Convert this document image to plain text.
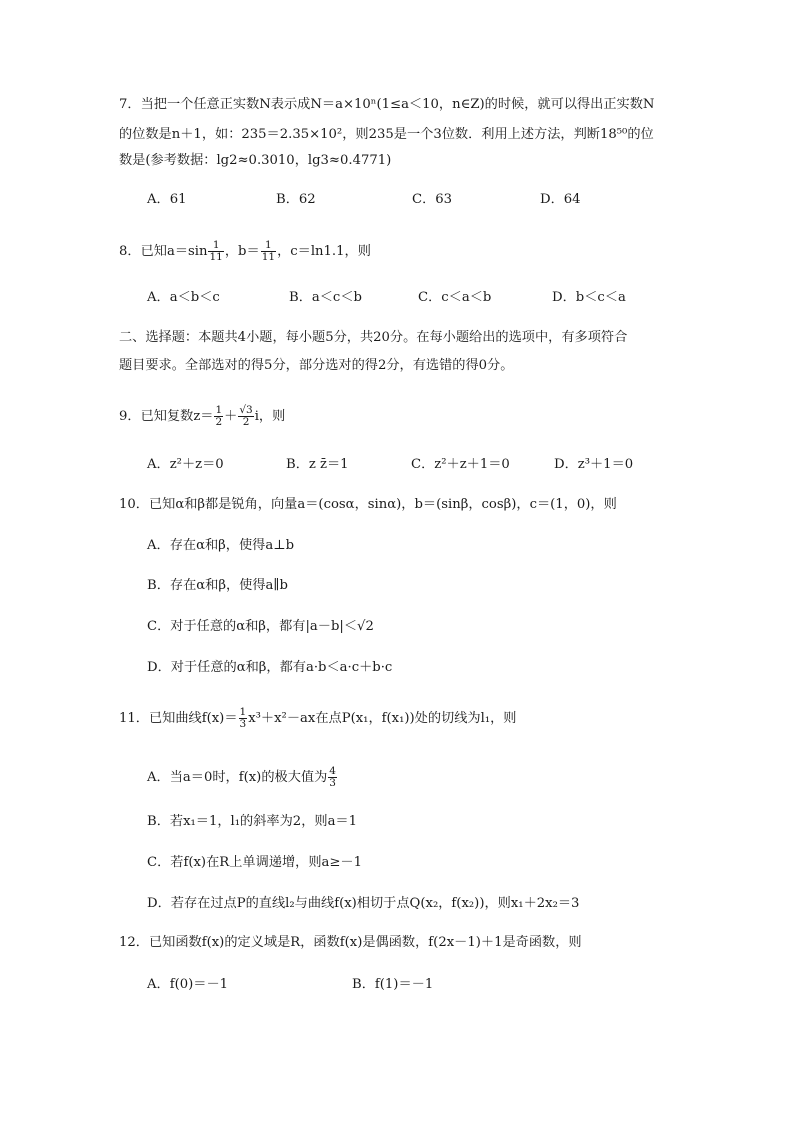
7．当把一个任意正实数N表示成N＝a×10ⁿ(1≤a＜10，n∈Z)的时候，就可以得出正实数N
的位数是n＋1，如：235＝2.35×10²，则235是一个3位数．利用上述方法，判断18⁵⁰的位
数是(参考数据：lg2≈0.3010，lg3≈0.4771)
A．61	B．62	C．63	D．64
8．已知$a=\sin \frac{1}{11}$ ，$b= \frac{1}{11}$ ，c＝ln1.1，则
A．a＜b＜c	B．a＜c＜b	C．c＜a＜b	D．b＜c＜a
二、选择题：本题共4小题，每小题5分，共20分。在每小题给出的选项中，有多项符合
题目要求。全部选对的得5分，部分选对的得2分，有选错的得0分。
9．已知复数$z= \frac{1}{2} + \frac{√3}{2}$ i，则
A．z²＋z＝0	B．z z̄＝1	C．z²＋z＋1＝0	D．z³＋1＝0
10．已知α和β都是锐角，向量a＝(cosα，sinα)，b＝(sinβ，cosβ)，c＝(1，0)，则
A．存在α和β，使得a⊥b
B．存在α和β，使得a∥b
C．对于任意的α和β，都有|a－b|＜√2
D．对于任意的α和β，都有a·b＜a·c＋b·c
11．已知曲线$f(x)= \frac{1}{3} x^3+x^2-ax$在点P(x₁，f(x₁))处的切线为l₁，则
A．当a＝0时，f(x)的极大值为 $\frac{4}{3}$
B．若x₁＝1，l₁的斜率为2，则a＝1
C．若f(x)在R上单调递增，则a≥－1
D．若存在过点P的直线l₂与曲线f(x)相切于点Q(x₂，f(x₂))，则x₁＋2x₂＝3
12．已知函数f(x)的定义域是R，函数f(x)是偶函数，f(2x－1)＋1是奇函数，则
A．f(0)＝－1	B．f(1)＝－1
